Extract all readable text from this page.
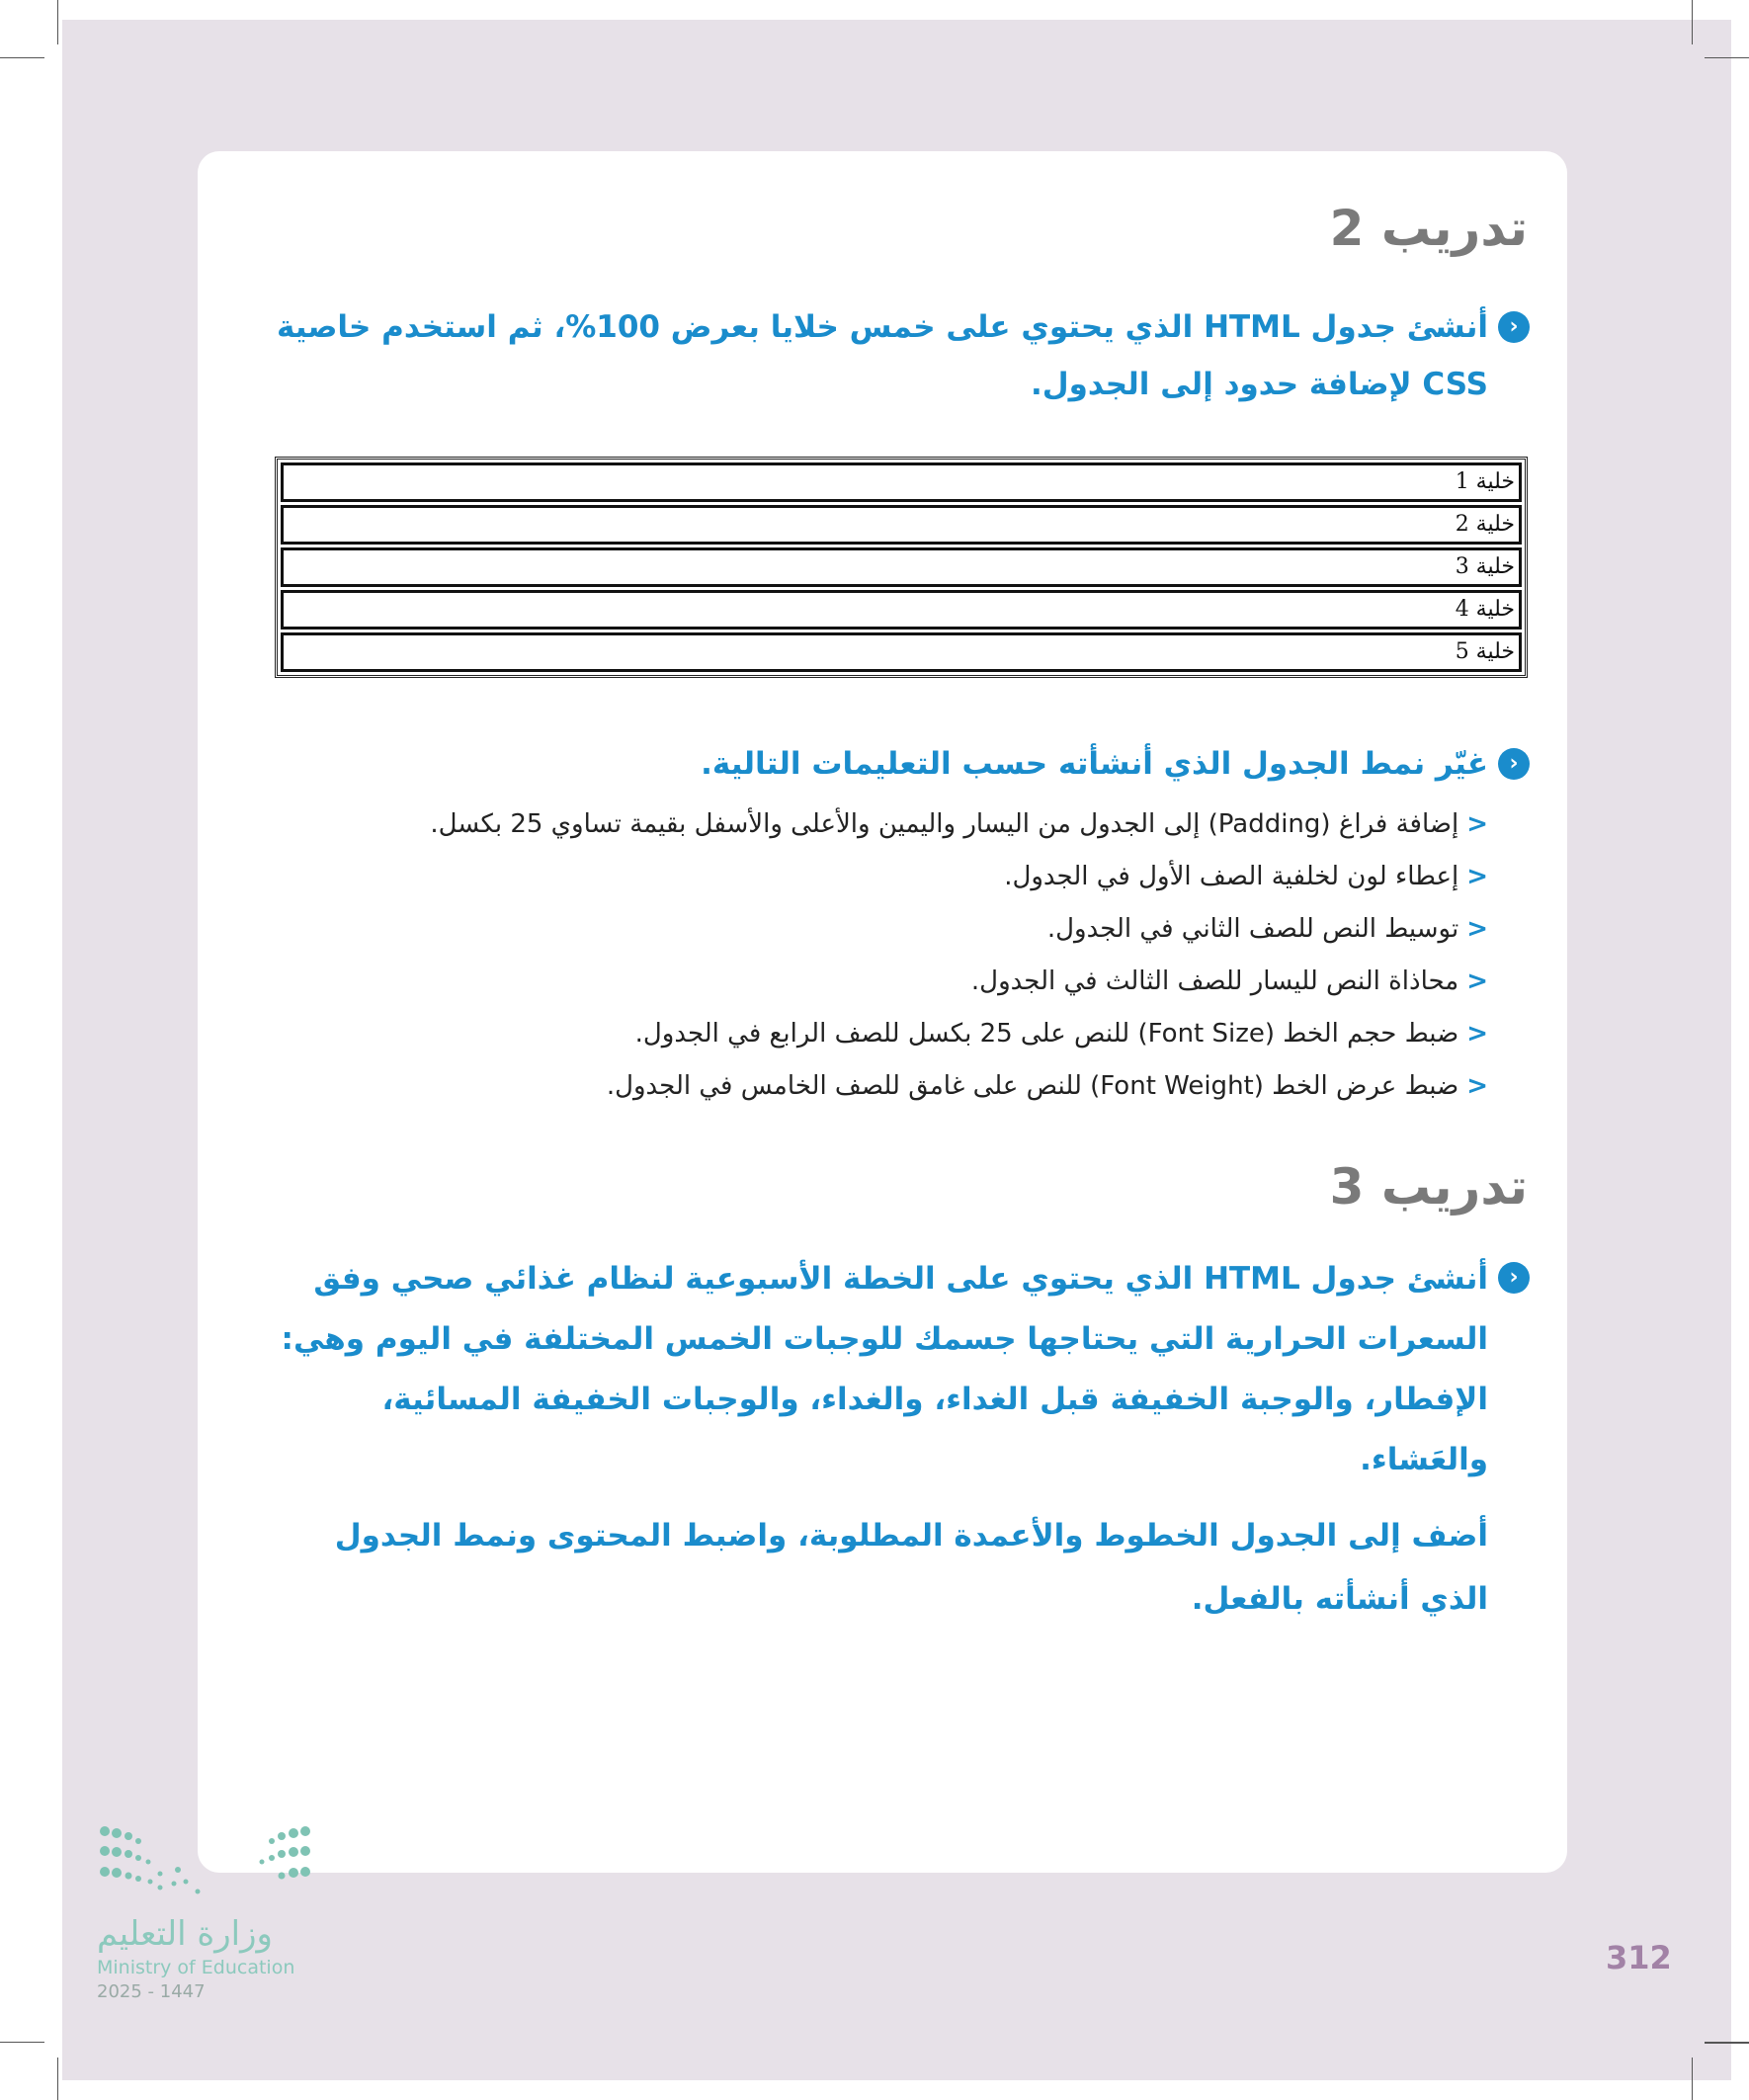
تدريب 2
‹
أنشئ جدول HTML الذي يحتوي على خمس خلايا بعرض 100%، ثم استخدم خاصية CSS لإضافة حدود إلى الجدول.
خلية 1
خلية 2
خلية 3
خلية 4
خلية 5
‹
غيّر نمط الجدول الذي أنشأته حسب التعليمات التالية.
<إضافة فراغ (Padding) إلى الجدول من اليسار واليمين والأعلى والأسفل بقيمة تساوي 25 بكسل.
<إعطاء لون لخلفية الصف الأول في الجدول.
<توسيط النص للصف الثاني في الجدول.
<محاذاة النص لليسار للصف الثالث في الجدول.
<ضبط حجم الخط (Font Size) للنص على 25 بكسل للصف الرابع في الجدول.
<ضبط عرض الخط (Font Weight) للنص على غامق للصف الخامس في الجدول.
تدريب 3
‹
أنشئ جدول HTML الذي يحتوي على الخطة الأسبوعية لنظام غذائي صحي وفق السعرات الحرارية التي يحتاجها جسمك للوجبات الخمس المختلفة في اليوم وهي: الإفطار، والوجبة الخفيفة قبل الغداء، والغداء، والوجبات الخفيفة المسائية، والعَشاء.
أضف إلى الجدول الخطوط والأعمدة المطلوبة، واضبط المحتوى ونمط الجدول الذي أنشأته بالفعل.
وزارة التعليم
Ministry of Education
2025 - 1447
312
